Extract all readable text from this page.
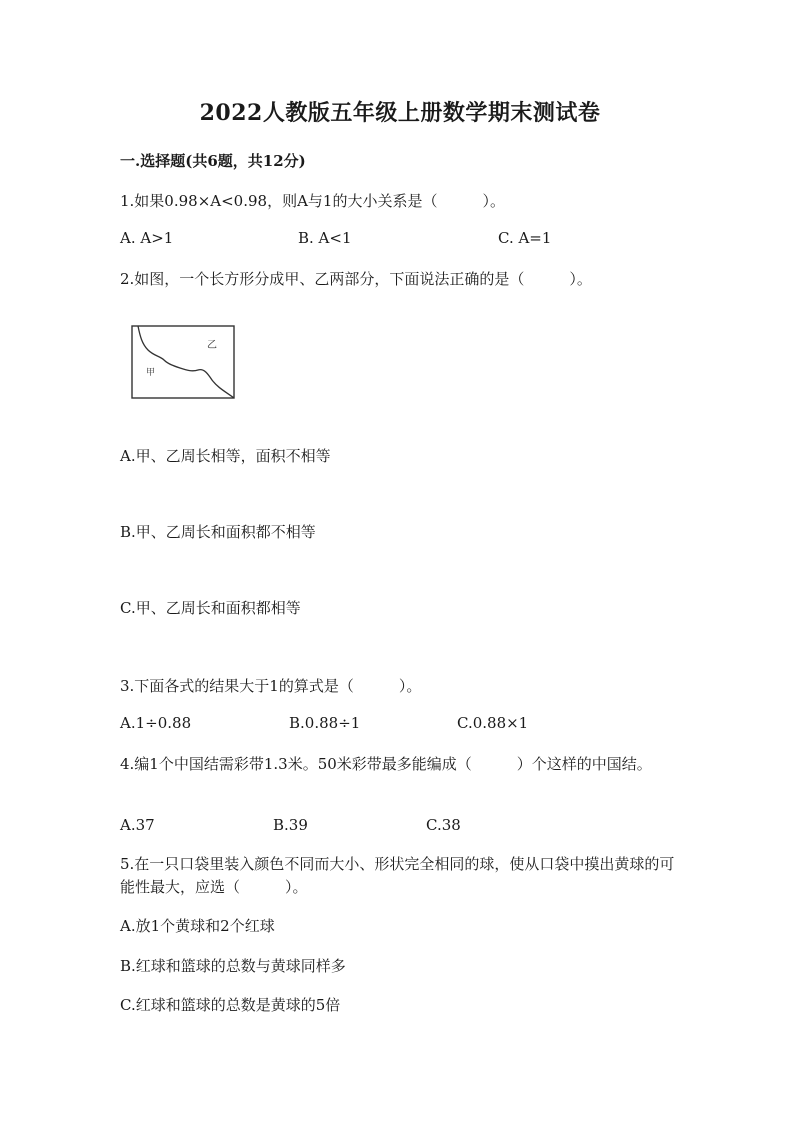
2022人教版五年级上册数学期末测试卷
一.选择题(共6题，共12分)
1.如果0.98×A<0.98，则A与1的大小关系是（　　　）。
A. A>1	B. A<1	C. A=1
2.如图，一个长方形分成甲、乙两部分，下面说法正确的是（　　　）。
乙
甲
A.甲、乙周长相等，面积不相等
B.甲、乙周长和面积都不相等
C.甲、乙周长和面积都相等
3.下面各式的结果大于1的算式是（　　　）。
A.1÷0.88	B.0.88÷1	C.0.88×1
4.编1个中国结需彩带1.3米。50米彩带最多能编成（　　　）个这样的中国结。
A.37	B.39	C.38
5.在一只口袋里装入颜色不同而大小、形状完全相同的球，使从口袋中摸出黄球的可能性最大，应选（　　　）。
A.放1个黄球和2个红球
B.红球和篮球的总数与黄球同样多
C.红球和篮球的总数是黄球的5倍
